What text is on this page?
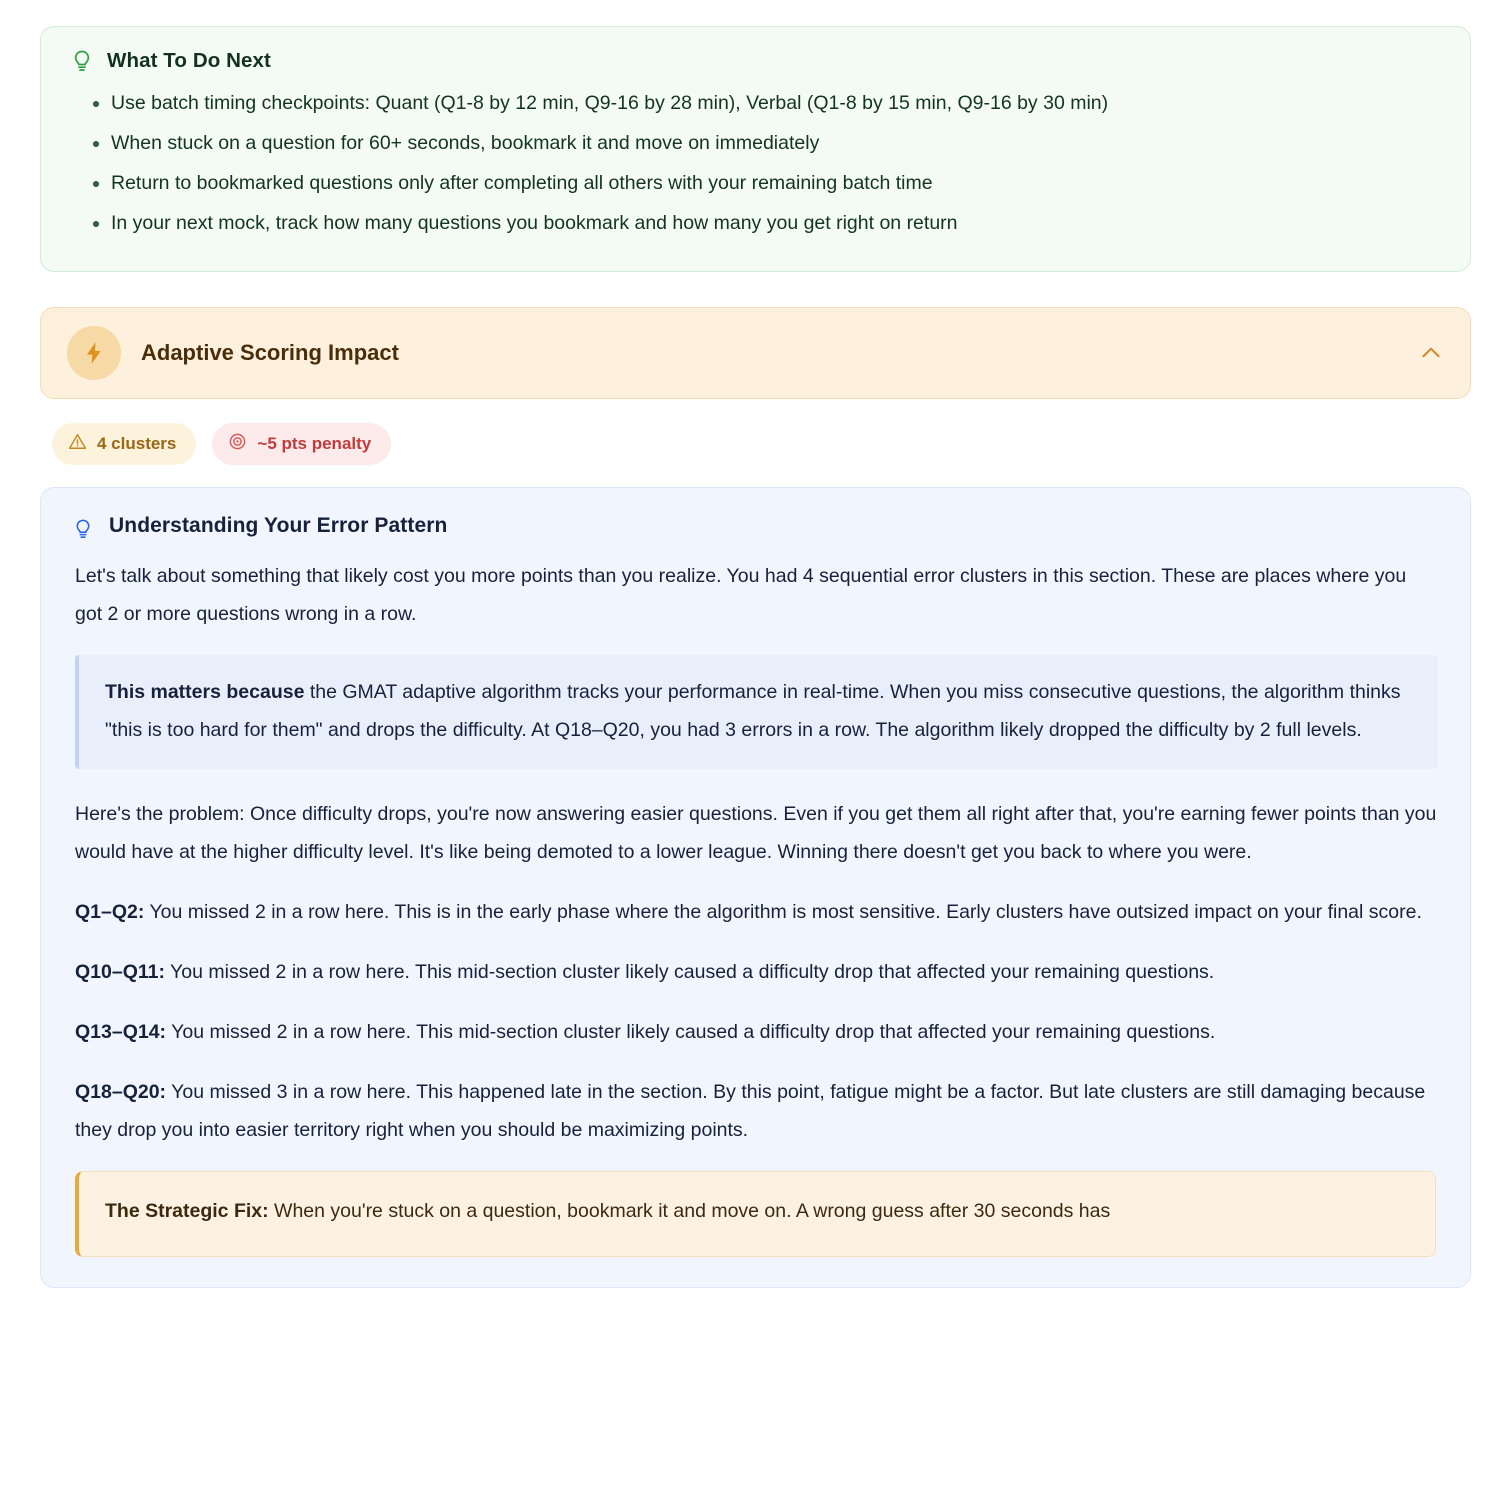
What To Do Next
• Use batch timing checkpoints: Quant (Q1-8 by 12 min, Q9-16 by 28 min), Verbal (Q1-8 by 15 min, Q9-16 by 30 min)
• When stuck on a question for 60+ seconds, bookmark it and move on immediately
• Return to bookmarked questions only after completing all others with your remaining batch time
• In your next mock, track how many questions you bookmark and how many you get right on return
Adaptive Scoring Impact
4 clusters	~5 pts penalty
Understanding Your Error Pattern

Let's talk about something that likely cost you more points than you realize. You had 4 sequential error clusters in this section. These are places where you got 2 or more questions wrong in a row.

This matters because the GMAT adaptive algorithm tracks your performance in real-time. When you miss consecutive questions, the algorithm thinks "this is too hard for them" and drops the difficulty. At Q18–Q20, you had 3 errors in a row. The algorithm likely dropped the difficulty by 2 full levels.

Here's the problem: Once difficulty drops, you're now answering easier questions. Even if you get them all right after that, you're earning fewer points than you would have at the higher difficulty level. It's like being demoted to a lower league. Winning there doesn't get you back to where you were.

Q1–Q2: You missed 2 in a row here. This is in the early phase where the algorithm is most sensitive. Early clusters have outsized impact on your final score.

Q10–Q11: You missed 2 in a row here. This mid-section cluster likely caused a difficulty drop that affected your remaining questions.

Q13–Q14: You missed 2 in a row here. This mid-section cluster likely caused a difficulty drop that affected your remaining questions.

Q18–Q20: You missed 3 in a row here. This happened late in the section. By this point, fatigue might be a factor. But late clusters are still damaging because they drop you into easier territory right when you should be maximizing points.

The Strategic Fix: When you're stuck on a question, bookmark it and move on. A wrong guess after 30 seconds has
